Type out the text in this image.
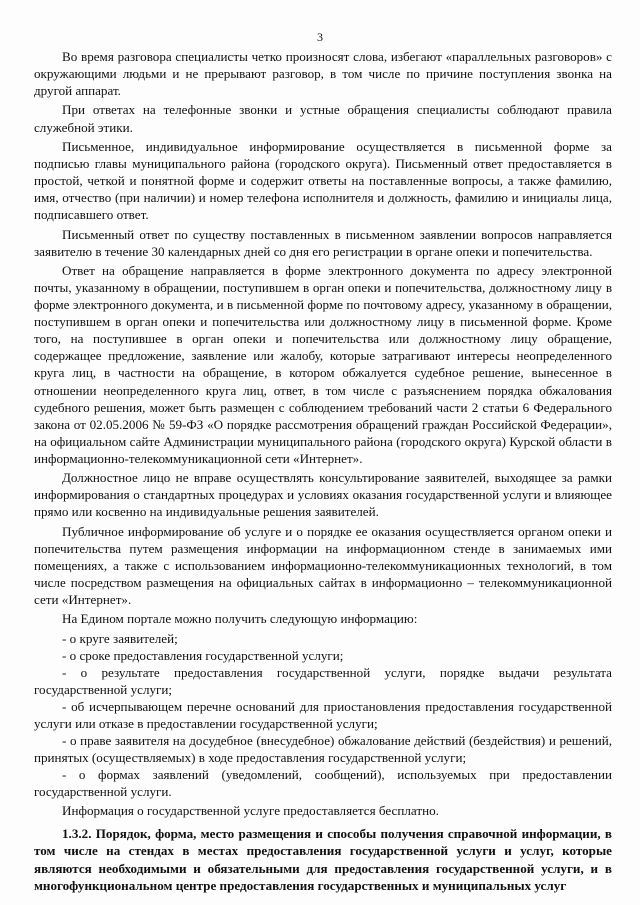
3

Во время разговора специалисты четко произносят слова, избегают «параллельных разговоров» с окружающими людьми и не прерывают разговор, в том числе по причине поступления звонка на другой аппарат.

При ответах на телефонные звонки и устные обращения специалисты соблюдают правила служебной этики.

Письменное, индивидуальное информирование осуществляется в письменной форме за подписью главы муниципального района (городского округа). Письменный ответ предоставляется в простой, четкой и понятной форме и содержит ответы на поставленные вопросы, а также фамилию, имя, отчество (при наличии) и номер телефона исполнителя и должность, фамилию и инициалы лица, подписавшего ответ.

Письменный ответ по существу поставленных в письменном заявлении вопросов направляется заявителю в течение 30 календарных дней со дня его регистрации в органе опеки и попечительства.

Ответ на обращение направляется в форме электронного документа по адресу электронной почты, указанному в обращении, поступившем в орган опеки и попечительства, должностному лицу в форме электронного документа, и в письменной форме по почтовому адресу, указанному в обращении, поступившем в орган опеки и попечительства или должностному лицу в письменной форме. Кроме того, на поступившее в орган опеки и попечительства или должностному лицу обращение, содержащее предложение, заявление или жалобу, которые затрагивают интересы неопределенного круга лиц, в частности на обращение, в котором обжалуется судебное решение, вынесенное в отношении неопределенного круга лиц, ответ, в том числе с разъяснением порядка обжалования судебного решения, может быть размещен с соблюдением требований части 2 статьи 6 Федерального закона от 02.05.2006 № 59-ФЗ «О порядке рассмотрения обращений граждан Российской Федерации», на официальном сайте Администрации муниципального района (городского округа) Курской области в информационно-телекоммуникационной сети «Интернет».

Должностное лицо не вправе осуществлять консультирование заявителей, выходящее за рамки информирования о стандартных процедурах и условиях оказания государственной услуги и влияющее прямо или косвенно на индивидуальные решения заявителей.

Публичное информирование об услуге и о порядке ее оказания осуществляется органом опеки и попечительства путем размещения информации на информационном стенде в занимаемых ими помещениях, а также с использованием информационно-телекоммуникационных технологий, в том числе посредством размещения на официальных сайтах в информационно – телекоммуникационной сети «Интернет».

На Едином портале можно получить следующую информацию:

- о круге заявителей;

- о сроке предоставления государственной услуги;

- о результате предоставления государственной услуги, порядке выдачи результата государственной услуги;

- об исчерпывающем перечне оснований для приостановления предоставления государственной услуги или отказе в предоставлении государственной услуги;

- о праве заявителя на досудебное (внесудебное) обжалование действий (бездействия) и решений, принятых (осуществляемых) в ходе предоставления государственной услуги;

- о формах заявлений (уведомлений, сообщений), используемых при предоставлении государственной услуги.

Информация о государственной услуге предоставляется бесплатно.

1.3.2. Порядок, форма, место размещения и способы получения справочной информации, в том числе на стендах в местах предоставления государственной услуги и услуг, которые являются необходимыми и обязательными для предоставления государственной услуги, и в многофункциональном центре предоставления государственных и муниципальных услуг
